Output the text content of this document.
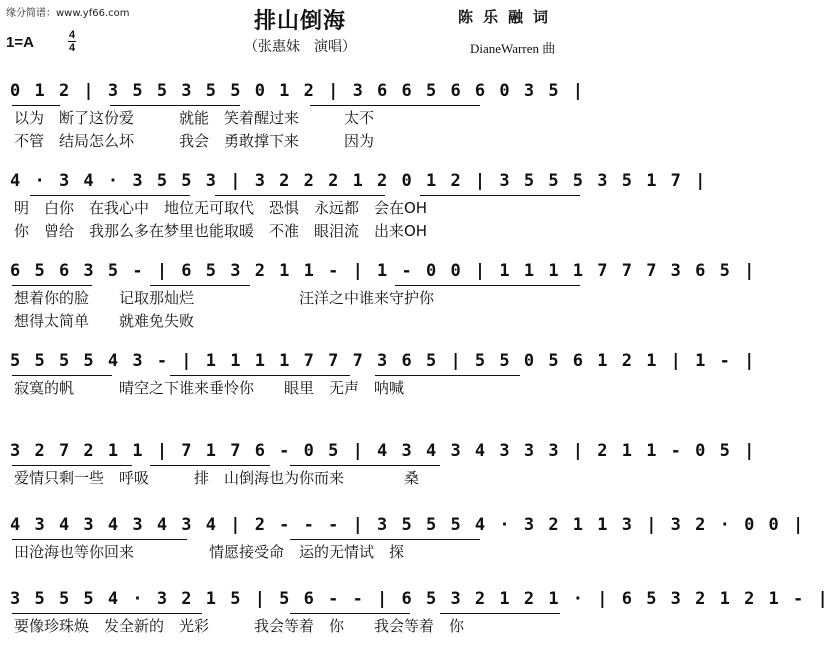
缘分简谱：www.yf66.com	排山倒海
（张惠妹　演唱）
陈乐融词
DianeWarren 曲
1=A	4
4
0 1 2 | 3 5 5 3 5 5 0 1 2 | 3 6 6 5 6 6 0 3 5 |
以为　断了这份爱　　　就能　笑着醒过来　　　太不
不管　结局怎么坏　　　我会　勇敢撑下来　　　因为
4 · 3 4 · 3 5 5 3 | 3 2 2 2 1 2 0 1 2 | 3 5 5 5 3 5 1 7 |
明　白你　在我心中　地位无可取代　恐惧　永远都　会在OH
你　曾给　我那么多在梦里也能取暖　不准　眼泪流　出来OH
6 5 6 3 5 - | 6 5 3 2 1 1 - | 1 - 0 0 | 1 1 1 1 7 7 7 3 6 5 |
想着你的脸　　记取那灿烂　　　　　　　汪洋之中谁来守护你
想得太简单　　就难免失败
5 5 5 5 4 3 - | 1 1 1 1 7 7 7 3 6 5 | 5 5 0 5 6 1 2 1 | 1 - |
寂寞的帆　　　晴空之下谁来垂怜你　　眼里　无声　呐喊
3 2 7 2 1 1 | 7 1 7 6 - 0 5 | 4 3 4 3 4 3 3 3 | 2 1 1 - 0 5 |
爱情只剩一些　呼吸　　　排　山倒海也为你而来　　　　桑
4 3 4 3 4 3 4 3 4 | 2 - - - | 3 5 5 5 4 · 3 2 1 1 3 | 3 2 · 0 0 |
田沧海也等你回来　　　　　情愿接受命　运的无情试　探
3 5 5 5 4 · 3 2 1 5 | 5 6 - - | 6 5 3 2 1 2 1 · | 6 5 3 2 1 2 1 - |
要像珍珠焕　发全新的　光彩　　　我会等着　你　　我会等着　你
